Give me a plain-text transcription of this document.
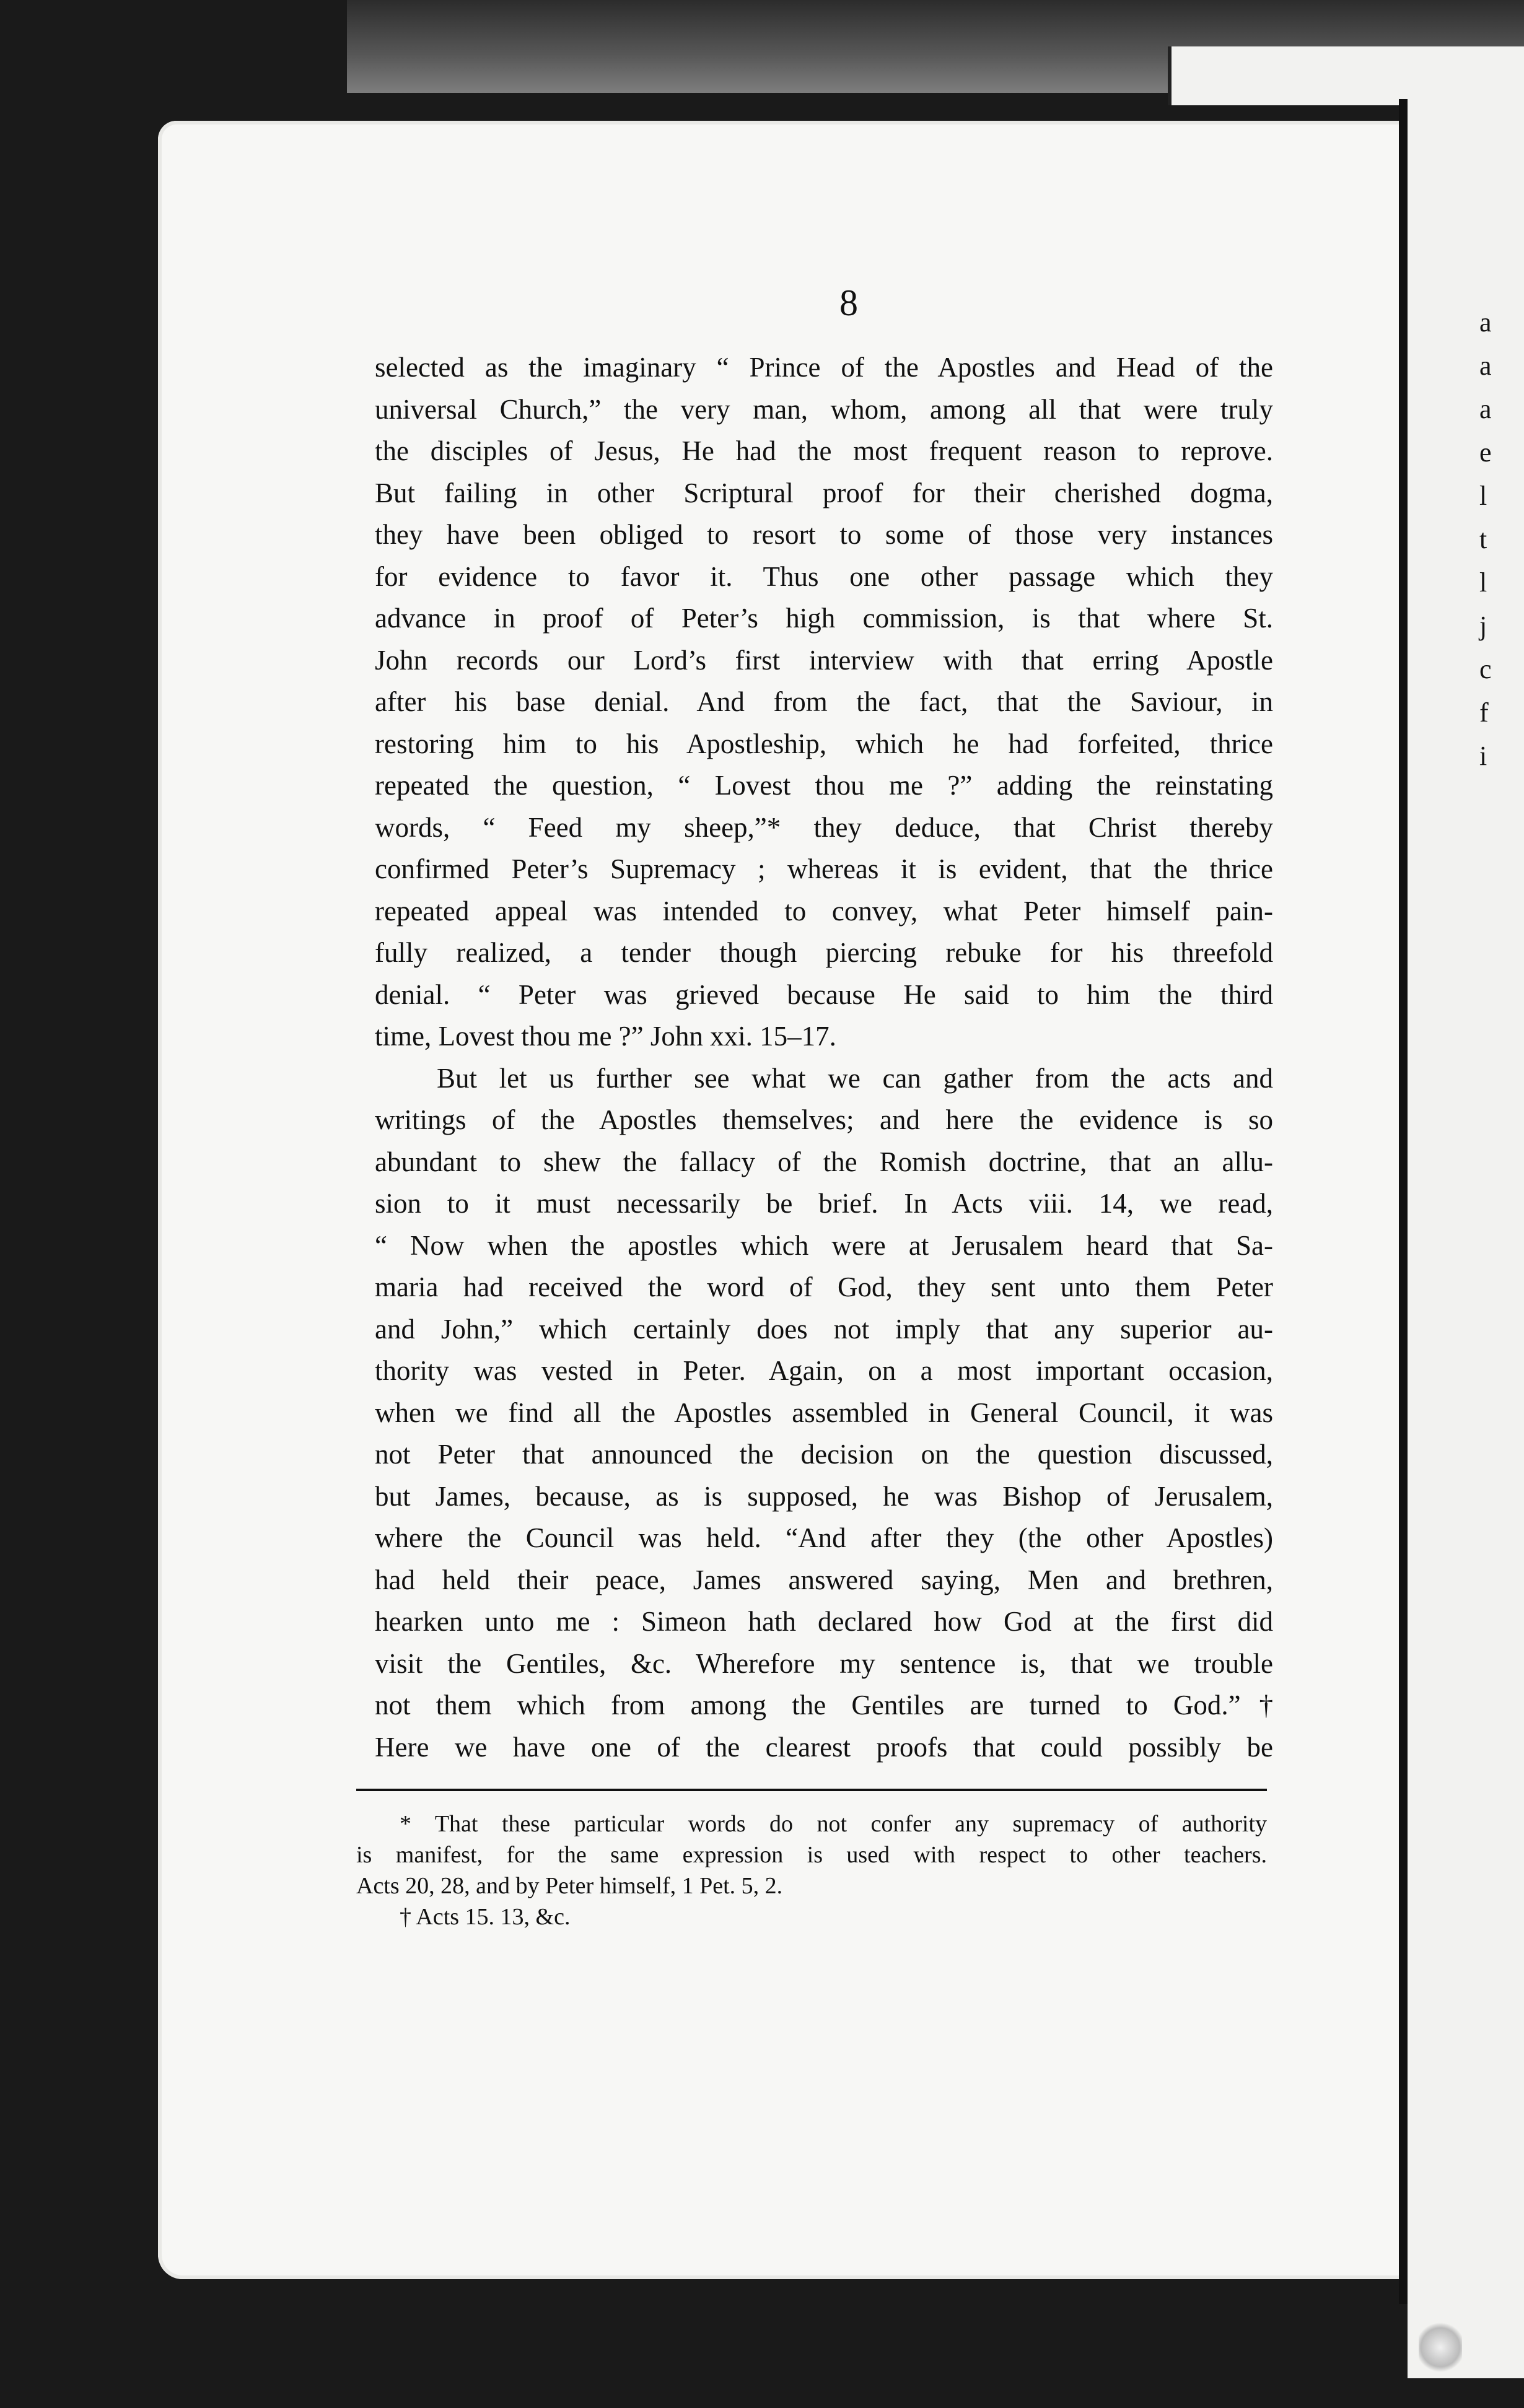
8
selected as the imaginary “ Prince of the Apostles and Head of the
universal Church,” the very man, whom, among all that were truly
the disciples of Jesus, He had the most frequent reason to reprove.
But failing in other Scriptural proof for their cherished dogma,
they have been obliged to resort to some of those very instances
for evidence to favor it. Thus one other passage which they
advance in proof of Peter’s high commission, is that where St.
John records our Lord’s first interview with that erring Apostle
after his base denial. And from the fact, that the Saviour, in
restoring him to his Apostleship, which he had forfeited, thrice
repeated the question, “ Lovest thou me ?” adding the reinstating
words, “ Feed my sheep,”* they deduce, that Christ thereby
confirmed Peter’s Supremacy ; whereas it is evident, that the thrice
repeated appeal was intended to convey, what Peter himself pain-
fully realized, a tender though piercing rebuke for his threefold
denial. “ Peter was grieved because He said to him the third
time, Lovest thou me ?” John xxi. 15–17.
But let us further see what we can gather from the acts and
writings of the Apostles themselves; and here the evidence is so
abundant to shew the fallacy of the Romish doctrine, that an allu-
sion to it must necessarily be brief. In Acts viii. 14, we read,
“ Now when the apostles which were at Jerusalem heard that Sa-
maria had received the word of God, they sent unto them Peter
and John,” which certainly does not imply that any superior au-
thority was vested in Peter. Again, on a most important occasion,
when we find all the Apostles assembled in General Council, it was
not Peter that announced the decision on the question discussed,
but James, because, as is supposed, he was Bishop of Jerusalem,
where the Council was held. “And after they (the other Apostles)
had held their peace, James answered saying, Men and brethren,
hearken unto me : Simeon hath declared how God at the first did
visit the Gentiles, &c. Wherefore my sentence is, that we trouble
not them which from among the Gentiles are turned to God.”†
Here we have one of the clearest proofs that could possibly be
* That these particular words do not confer any supremacy of authority
is manifest, for the same expression is used with respect to other teachers.
Acts 20, 28, and by Peter himself, 1 Pet. 5, 2.
† Acts 15. 13, &c.
a
a
a
e
l
t
l
j
c
f
i
